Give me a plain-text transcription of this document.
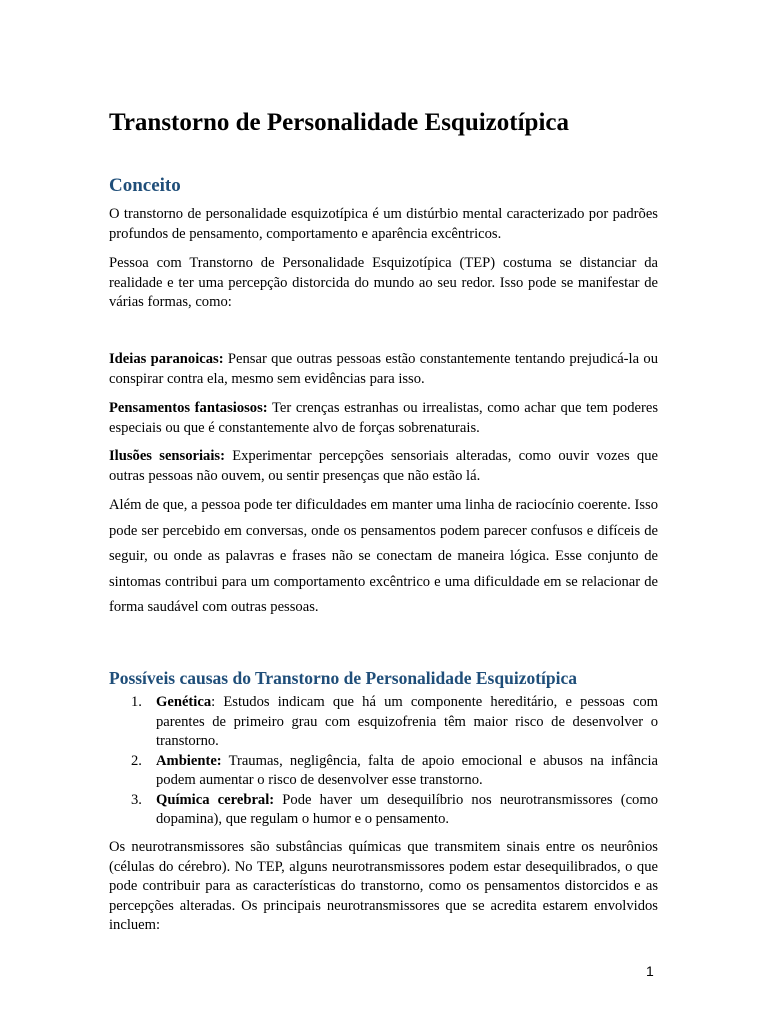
Transtorno de Personalidade Esquizotípica
Conceito

O transtorno de personalidade esquizotípica é um distúrbio mental caracterizado por padrões profundos de pensamento, comportamento e aparência excêntricos.

Pessoa com Transtorno de Personalidade Esquizotípica (TEP) costuma se distanciar da realidade e ter uma percepção distorcida do mundo ao seu redor. Isso pode se manifestar de várias formas, como:

Ideias paranoicas: Pensar que outras pessoas estão constantemente tentando prejudicá-la ou conspirar contra ela, mesmo sem evidências para isso.

Pensamentos fantasiosos: Ter crenças estranhas ou irrealistas, como achar que tem poderes especiais ou que é constantemente alvo de forças sobrenaturais.

Ilusões sensoriais: Experimentar percepções sensoriais alteradas, como ouvir vozes que outras pessoas não ouvem, ou sentir presenças que não estão lá.

Além de que, a pessoa pode ter dificuldades em manter uma linha de raciocínio coerente. Isso pode ser percebido em conversas, onde os pensamentos podem parecer confusos e difíceis de seguir, ou onde as palavras e frases não se conectam de maneira lógica. Esse conjunto de sintomas contribui para um comportamento excêntrico e uma dificuldade em se relacionar de forma saudável com outras pessoas.

Possíveis causas do Transtorno de Personalidade Esquizotípica
1. Genética: Estudos indicam que há um componente hereditário, e pessoas com parentes de primeiro grau com esquizofrenia têm maior risco de desenvolver o transtorno.
2. Ambiente: Traumas, negligência, falta de apoio emocional e abusos na infância podem aumentar o risco de desenvolver esse transtorno.
3. Química cerebral: Pode haver um desequilíbrio nos neurotransmissores (como dopamina), que regulam o humor e o pensamento.

Os neurotransmissores são substâncias químicas que transmitem sinais entre os neurônios (células do cérebro). No TEP, alguns neurotransmissores podem estar desequilibrados, o que pode contribuir para as características do transtorno, como os pensamentos distorcidos e as percepções alteradas. Os principais neurotransmissores que se acredita estarem envolvidos incluem:

1
